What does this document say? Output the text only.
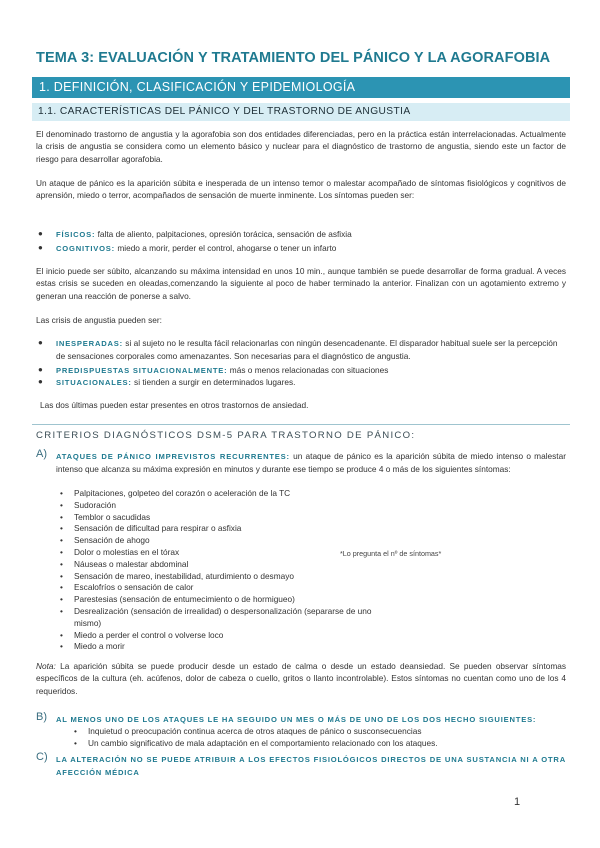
TEMA 3: EVALUACIÓN Y TRATAMIENTO DEL PÁNICO Y LA AGORAFOBIA
1. DEFINICIÓN, CLASIFICACIÓN Y EPIDEMIOLOGÍA
1.1. CARACTERÍSTICAS DEL PÁNICO Y DEL TRASTORNO DE ANGUSTIA
El denominado trastorno de angustia y la agorafobia son dos entidades diferenciadas, pero en la práctica están interrelacionadas. Actualmente la crisis de angustia se considera como un elemento básico y nuclear para el diagnóstico de trastorno de angustia, siendo este un factor de riesgo para desarrollar agorafobia.
Un ataque de pánico es la aparición súbita e inesperada de un intenso temor o malestar acompañado de síntomas fisiológicos y cognitivos de aprensión, miedo o terror, acompañados de sensación de muerte inminente. Los síntomas pueden ser:
● FÍSICOS: falta de aliento, palpitaciones, opresión torácica, sensación de asfixia
● COGNITIVOS: miedo a morir, perder el control, ahogarse o tener un infarto
El inicio puede ser súbito, alcanzando su máxima intensidad en unos 10 min., aunque también se puede desarrollar de forma gradual. A veces estas crisis se suceden en oleadas,comenzando la siguiente al poco de haber terminado la anterior. Finalizan con un agotamiento extremo y generan una reacción de ponerse a salvo.
Las crisis de angustia pueden ser:
● INESPERADAS: si al sujeto no le resulta fácil relacionarlas con ningún desencadenante. El disparador habitual suele ser la percepción de sensaciones corporales como amenazantes. Son necesarias para el diagnóstico de angustia.
● PREDISPUESTAS SITUACIONALMENTE: más o menos relacionadas con situaciones
● SITUACIONALES: si tienden a surgir en determinados lugares.
Las dos últimas pueden estar presentes en otros trastornos de ansiedad.
CRITERIOS DIAGNÓSTICOS DSM-5 PARA TRASTORNO DE PÁNICO:
A) ATAQUES DE PÁNICO IMPREVISTOS RECURRENTES: un ataque de pánico es la aparición súbita de miedo intenso o malestar intenso que alcanza su máxima expresión en minutos y durante ese tiempo se produce 4 o más de los siguientes síntomas:
• Palpitaciones, golpeteo del corazón o aceleración de la TC
• Sudoración
• Temblor o sacudidas
• Sensación de dificultad para respirar o asfixia
• Sensación de ahogo
• Dolor o molestias en el tórax
• Náuseas o malestar abdominal
• Sensación de mareo, inestabilidad, aturdimiento o desmayo
• Escalofríos o sensación de calor
• Parestesias (sensación de entumecimiento o de hormigueo)
• Desrealización (sensación de irrealidad) o despersonalización (separarse de uno mismo)
• Miedo a perder el control o volverse loco
• Miedo a morir
*Lo pregunta el nº de síntomas*
Nota: La aparición súbita se puede producir desde un estado de calma o desde un estado deansiedad. Se pueden observar síntomas específicos de la cultura (eh. acúfenos, dolor de cabeza o cuello, gritos o llanto incontrolable). Estos síntomas no cuentan como uno de los 4 requeridos.
B) AL MENOS UNO DE LOS ATAQUES LE HA SEGUIDO UN MES O MÁS DE UNO DE LOS DOS HECHO SIGUIENTES:
• Inquietud o preocupación continua acerca de otros ataques de pánico o susconsecuencias
• Un cambio significativo de mala adaptación en el comportamiento relacionado con los ataques.
C) LA ALTERACIÓN NO SE PUEDE ATRIBUIR A LOS EFECTOS FISIOLÓGICOS DIRECTOS DE UNA SUSTANCIA NI A OTRA AFECCIÓN MÉDICA
1
